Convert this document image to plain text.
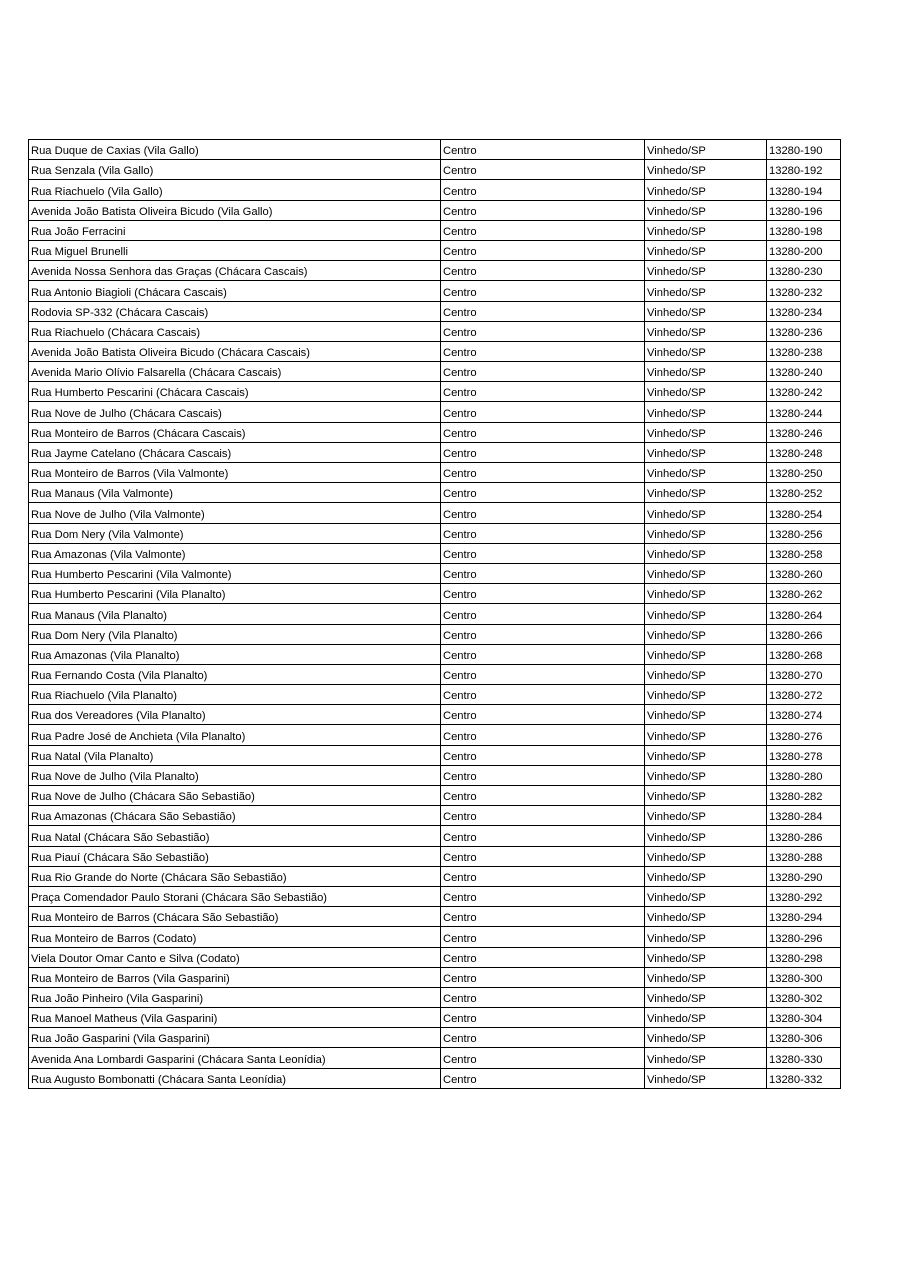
Rua Duque de Caxias (Vila Gallo)	Centro	Vinhedo/SP	13280-190
Rua Senzala (Vila Gallo)	Centro	Vinhedo/SP	13280-192
Rua Riachuelo (Vila Gallo)	Centro	Vinhedo/SP	13280-194
Avenida João Batista Oliveira Bicudo (Vila Gallo)	Centro	Vinhedo/SP	13280-196
Rua João Ferracini	Centro	Vinhedo/SP	13280-198
Rua Miguel Brunelli	Centro	Vinhedo/SP	13280-200
Avenida Nossa Senhora das Graças (Chácara Cascais)	Centro	Vinhedo/SP	13280-230
Rua Antonio Biagioli (Chácara Cascais)	Centro	Vinhedo/SP	13280-232
Rodovia SP-332 (Chácara Cascais)	Centro	Vinhedo/SP	13280-234
Rua Riachuelo (Chácara Cascais)	Centro	Vinhedo/SP	13280-236
Avenida João Batista Oliveira Bicudo (Chácara Cascais)	Centro	Vinhedo/SP	13280-238
Avenida Mario Olívio Falsarella (Chácara Cascais)	Centro	Vinhedo/SP	13280-240
Rua Humberto Pescarini (Chácara Cascais)	Centro	Vinhedo/SP	13280-242
Rua Nove de Julho (Chácara Cascais)	Centro	Vinhedo/SP	13280-244
Rua Monteiro de Barros (Chácara Cascais)	Centro	Vinhedo/SP	13280-246
Rua Jayme Catelano (Chácara Cascais)	Centro	Vinhedo/SP	13280-248
Rua Monteiro de Barros (Vila Valmonte)	Centro	Vinhedo/SP	13280-250
Rua Manaus (Vila Valmonte)	Centro	Vinhedo/SP	13280-252
Rua Nove de Julho (Vila Valmonte)	Centro	Vinhedo/SP	13280-254
Rua Dom Nery (Vila Valmonte)	Centro	Vinhedo/SP	13280-256
Rua Amazonas (Vila Valmonte)	Centro	Vinhedo/SP	13280-258
Rua Humberto Pescarini (Vila Valmonte)	Centro	Vinhedo/SP	13280-260
Rua Humberto Pescarini (Vila Planalto)	Centro	Vinhedo/SP	13280-262
Rua Manaus (Vila Planalto)	Centro	Vinhedo/SP	13280-264
Rua Dom Nery (Vila Planalto)	Centro	Vinhedo/SP	13280-266
Rua Amazonas (Vila Planalto)	Centro	Vinhedo/SP	13280-268
Rua Fernando Costa (Vila Planalto)	Centro	Vinhedo/SP	13280-270
Rua Riachuelo (Vila Planalto)	Centro	Vinhedo/SP	13280-272
Rua dos Vereadores (Vila Planalto)	Centro	Vinhedo/SP	13280-274
Rua Padre José de Anchieta (Vila Planalto)	Centro	Vinhedo/SP	13280-276
Rua Natal (Vila Planalto)	Centro	Vinhedo/SP	13280-278
Rua Nove de Julho (Vila Planalto)	Centro	Vinhedo/SP	13280-280
Rua Nove de Julho (Chácara São Sebastião)	Centro	Vinhedo/SP	13280-282
Rua Amazonas (Chácara São Sebastião)	Centro	Vinhedo/SP	13280-284
Rua Natal (Chácara São Sebastião)	Centro	Vinhedo/SP	13280-286
Rua Piauí (Chácara São Sebastião)	Centro	Vinhedo/SP	13280-288
Rua Rio Grande do Norte (Chácara São Sebastião)	Centro	Vinhedo/SP	13280-290
Praça Comendador Paulo Storani (Chácara São Sebastião)	Centro	Vinhedo/SP	13280-292
Rua Monteiro de Barros (Chácara São Sebastião)	Centro	Vinhedo/SP	13280-294
Rua Monteiro de Barros (Codato)	Centro	Vinhedo/SP	13280-296
Viela Doutor Omar Canto e Silva (Codato)	Centro	Vinhedo/SP	13280-298
Rua Monteiro de Barros (Vila Gasparini)	Centro	Vinhedo/SP	13280-300
Rua João Pinheiro (Vila Gasparini)	Centro	Vinhedo/SP	13280-302
Rua Manoel Matheus (Vila Gasparini)	Centro	Vinhedo/SP	13280-304
Rua João Gasparini (Vila Gasparini)	Centro	Vinhedo/SP	13280-306
Avenida Ana Lombardi Gasparini (Chácara Santa Leonídia)	Centro	Vinhedo/SP	13280-330
Rua Augusto Bombonatti (Chácara Santa Leonídia)	Centro	Vinhedo/SP	13280-332
